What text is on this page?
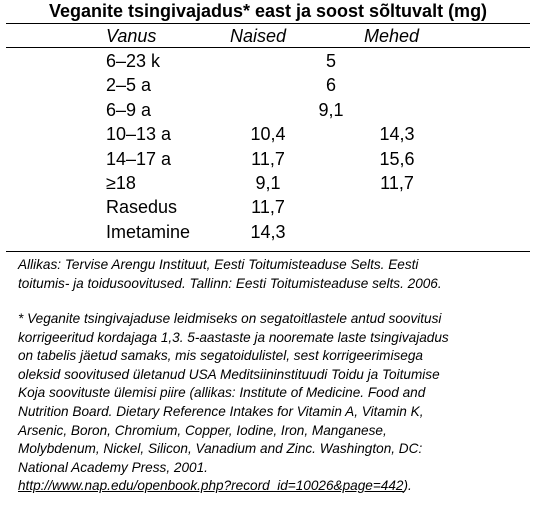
Veganite tsingivajadus* east ja soost sõltuvalt (mg)
Vanus	Naised	Mehed
6–23 k	5
2–5 a	6
6–9 a	9,1
10–13 a	10,4	14,3
14–17 a	11,7	15,6
≥18	9,1	11,7
Rasedus	11,7
Imetamine	14,3
Allikas: Tervise Arengu Instituut, Eesti Toitumisteaduse Selts. Eesti
toitumis- ja toidusoovitused. Tallinn: Eesti Toitumisteaduse selts. 2006.
* Veganite tsingivajaduse leidmiseks on segatoitlastele antud soovitusi
korrigeeritud kordajaga 1,3. 5-aastaste ja nooremate laste tsingivajadus
on tabelis jäetud samaks, mis segatoidulistel, sest korrigeerimisega
oleksid soovitused ületanud USA Meditsiininstituudi Toidu ja Toitumise
Koja soovituste ülemisi piire (allikas: Institute of Medicine. Food and
Nutrition Board. Dietary Reference Intakes for Vitamin A, Vitamin K,
Arsenic, Boron, Chromium, Copper, Iodine, Iron, Manganese,
Molybdenum, Nickel, Silicon, Vanadium and Zinc. Washington, DC:
National Academy Press, 2001.
http://www.nap.edu/openbook.php?record_id=10026&page=442).
